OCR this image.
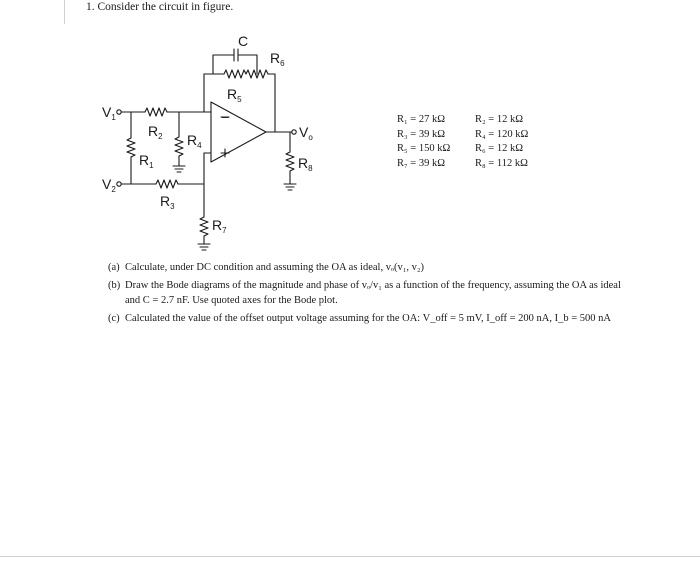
1. Consider the circuit in figure.
C
$R_6$
$R_5$
$V_1$
$R_2$ $R_4$
$R_1$
−
$V_o$
$R_8$
$V_2$
$R_3$
$R_7$
R₁ = 27 kΩ	R₂ = 12 kΩ
R₃ = 39 kΩ	R₄ = 120 kΩ
R₅ = 150 kΩ	R₆ = 12 kΩ
R₇ = 39 kΩ	R₈ = 112 kΩ
(a) Calculate, under DC condition and assuming the OA as ideal, vₒ(v₁, v₂)
(b) Draw the Bode diagrams of the magnitude and phase of vₒ/v₁ as a function of the frequency, assuming the OA as ideal and C = 2.7 nF. Use quoted axes for the Bode plot.
(c) Calculated the value of the offset output voltage assuming for the OA: V_off = 5 mV, I_off = 200 nA, I_b = 500 nA
